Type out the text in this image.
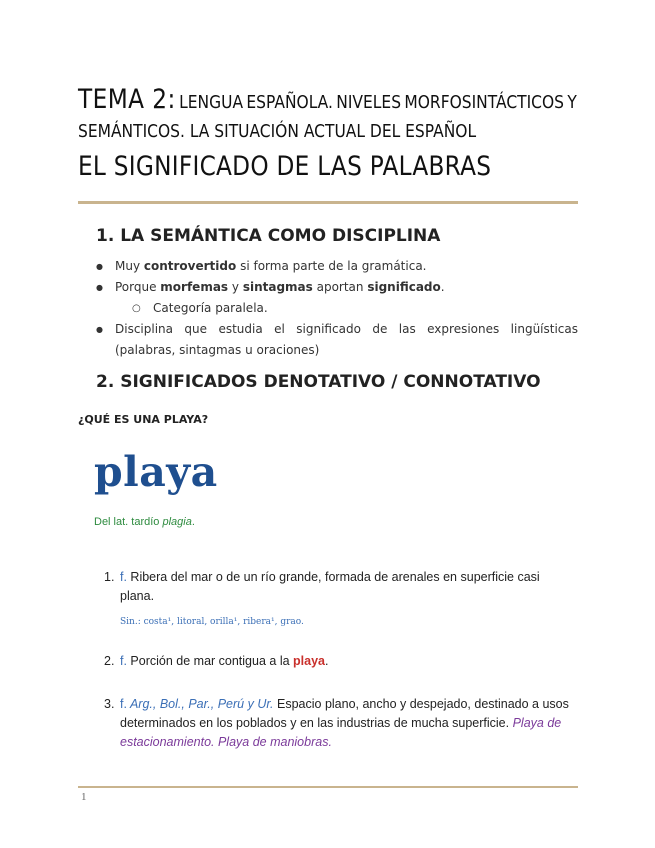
TEMA 2: LENGUA ESPAÑOLA. NIVELES MORFOSINTÁCTICOS Y
SEMÁNTICOS. LA SITUACIÓN ACTUAL DEL ESPAÑOL
EL SIGNIFICADO DE LAS PALABRAS
1. LA SEMÁNTICA COMO DISCIPLINA
● Muy controvertido si forma parte de la gramática.
● Porque morfemas y sintagmas aportan significado.
○ Categoría paralela.
● Disciplina que estudia el significado de las expresiones lingüísticas (palabras, sintagmas u oraciones)
2. SIGNIFICADOS DENOTATIVO / CONNOTATIVO
¿QUÉ ES UNA PLAYA?
playa
Del lat. tardío plagia.
1. f. Ribera del mar o de un río grande, formada de arenales en superficie casi plana.
Sin.: costa¹, litoral, orilla¹, ribera¹, grao.
2. f. Porción de mar contigua a la playa.
3. f. Arg., Bol., Par., Perú y Ur. Espacio plano, ancho y despejado, destinado a usos determinados en los poblados y en las industrias de mucha superficie. Playa de estacionamiento. Playa de maniobras.
1
